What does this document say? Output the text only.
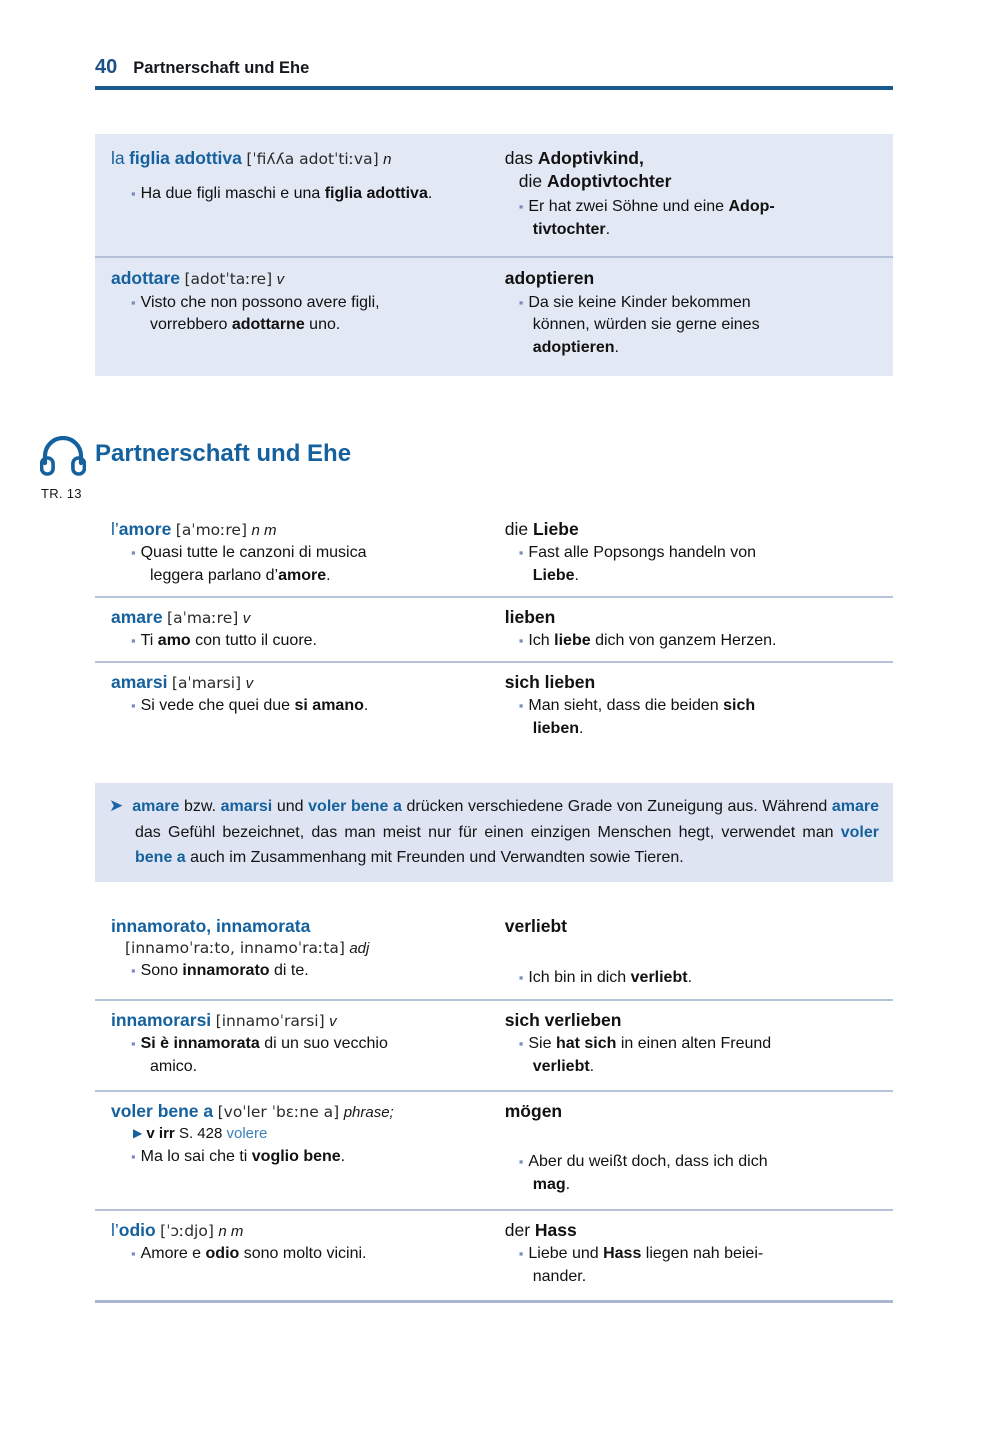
40 Partnerschaft und Ehe
la figlia adottiva [ˈfiʎʎa adotˈtiːva] n
▪ Ha due figli maschi e una figlia adottiva.
das Adoptivkind,
die Adoptivtochter
▪ Er hat zwei Söhne und eine Adop-
tivtochter.
adottare [adotˈtaːre] v
▪ Visto che non possono avere figli,
vorrebbero adottarne uno.
adoptieren
▪ Da sie keine Kinder bekommen
können, würden sie gerne eines
adoptieren.
TR. 13
Partnerschaft und Ehe
l’amore [aˈmoːre] n m
▪ Quasi tutte le canzoni di musica
leggera parlano d’amore.
die Liebe
▪ Fast alle Popsongs handeln von
Liebe.
amare [aˈmaːre] v
▪ Ti amo con tutto il cuore.
lieben
▪ Ich liebe dich von ganzem Herzen.
amarsi [aˈmarsi] v
▪ Si vede che quei due si amano.
sich lieben
▪ Man sieht, dass die beiden sich
lieben.
➤ amare bzw. amarsi und voler bene a drücken verschiedene Grade von Zuneigung aus. Während amare das Gefühl bezeichnet, das man meist nur für einen einzigen Menschen hegt, verwendet man voler bene a auch im Zusammenhang mit Freunden und Verwandten sowie Tieren.
innamorato, innamorata
[innamoˈraːto, innamoˈraːta] adj
▪ Sono innamorato di te.
verliebt
▪ Ich bin in dich verliebt.
innamorarsi [innamoˈrarsi] v
▪ Si è innamorata di un suo vecchio
amico.
sich verlieben
▪ Sie hat sich in einen alten Freund
verliebt.
voler bene a [voˈler ˈbɛːne a] phrase;
▶ v irr S. 428 volere
▪ Ma lo sai che ti voglio bene.
mögen
▪ Aber du weißt doch, dass ich dich
mag.
l’odio [ˈɔːdjo] n m
▪ Amore e odio sono molto vicini.
der Hass
▪ Liebe und Hass liegen nah beiei-
nander.
